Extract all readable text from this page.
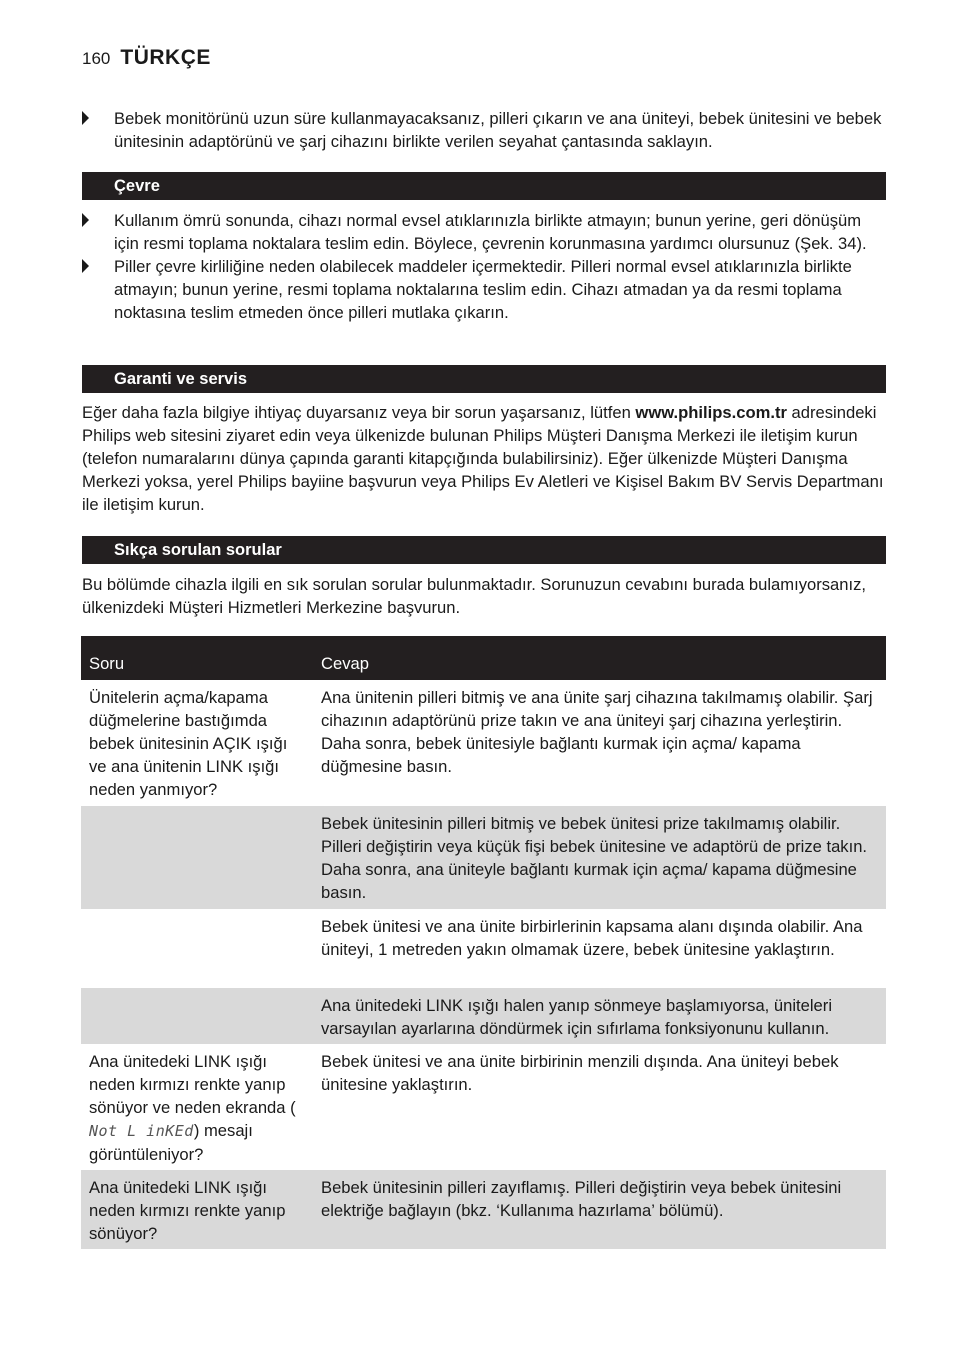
160 TÜRKÇE
Bebek monitörünü uzun süre kullanmayacaksanız, pilleri çıkarın ve ana üniteyi, bebek ünitesini ve bebek ünitesinin adaptörünü ve şarj cihazını birlikte verilen seyahat çantasında saklayın.
Çevre
Kullanım ömrü sonunda, cihazı normal evsel atıklarınızla birlikte atmayın; bunun yerine, geri dönüşüm için resmi toplama noktalara teslim edin. Böylece, çevrenin korunmasına yardımcı olursunuz (Şek. 34).
Piller çevre kirliliğine neden olabilecek maddeler içermektedir. Pilleri normal evsel atıklarınızla birlikte atmayın; bunun yerine, resmi toplama noktalarına teslim edin. Cihazı atmadan ya da resmi toplama noktasına teslim etmeden önce pilleri mutlaka çıkarın.
Garanti ve servis
Eğer daha fazla bilgiye ihtiyaç duyarsanız veya bir sorun yaşarsanız, lütfen www.philips.com.tr adresindeki Philips web sitesini ziyaret edin veya ülkenizde bulunan Philips Müşteri Danışma Merkezi ile iletişim kurun (telefon numaralarını dünya çapında garanti kitapçığında bulabilirsiniz). Eğer ülkenizde Müşteri Danışma Merkezi yoksa, yerel Philips bayiine başvurun veya Philips Ev Aletleri ve Kişisel Bakım BV Servis Departmanı ile iletişim kurun.
Sıkça sorulan sorular
Bu bölümde cihazla ilgili en sık sorulan sorular bulunmaktadır. Sorunuzun cevabını burada bulamıyorsanız, ülkenizdeki Müşteri Hizmetleri Merkezine başvurun.
Soru	Cevap
Ünitelerin açma/kapama düğmelerine bastığımda bebek ünitesinin AÇIK ışığı ve ana ünitenin LINK ışığı neden yanmıyor?	Ana ünitenin pilleri bitmiş ve ana ünite şarj cihazına takılmamış olabilir. Şarj cihazının adaptörünü prize takın ve ana üniteyi şarj cihazına yerleştirin. Daha sonra, bebek ünitesiyle bağlantı kurmak için açma/ kapama düğmesine basın.
	Bebek ünitesinin pilleri bitmiş ve bebek ünitesi prize takılmamış olabilir. Pilleri değiştirin veya küçük fişi bebek ünitesine ve adaptörü de prize takın. Daha sonra, ana üniteyle bağlantı kurmak için açma/ kapama düğmesine basın.
	Bebek ünitesi ve ana ünite birbirlerinin kapsama alanı dışında olabilir. Ana üniteyi, 1 metreden yakın olmamak üzere, bebek ünitesine yaklaştırın.
	Ana ünitedeki LINK ışığı halen yanıp sönmeye başlamıyorsa, üniteleri varsayılan ayarlarına döndürmek için sıfırlama fonksiyonunu kullanın.
Ana ünitedeki LINK ışığı neden kırmızı renkte yanıp sönüyor ve neden ekranda ( Not L inKEd) mesajı görüntüleniyor?	Bebek ünitesi ve ana ünite birbirinin menzili dışında. Ana üniteyi bebek ünitesine yaklaştırın.
Ana ünitedeki LINK ışığı neden kırmızı renkte yanıp sönüyor?	Bebek ünitesinin pilleri zayıflamış. Pilleri değiştirin veya bebek ünitesini elektriğe bağlayın (bkz. ‘Kullanıma hazırlama’ bölümü).
